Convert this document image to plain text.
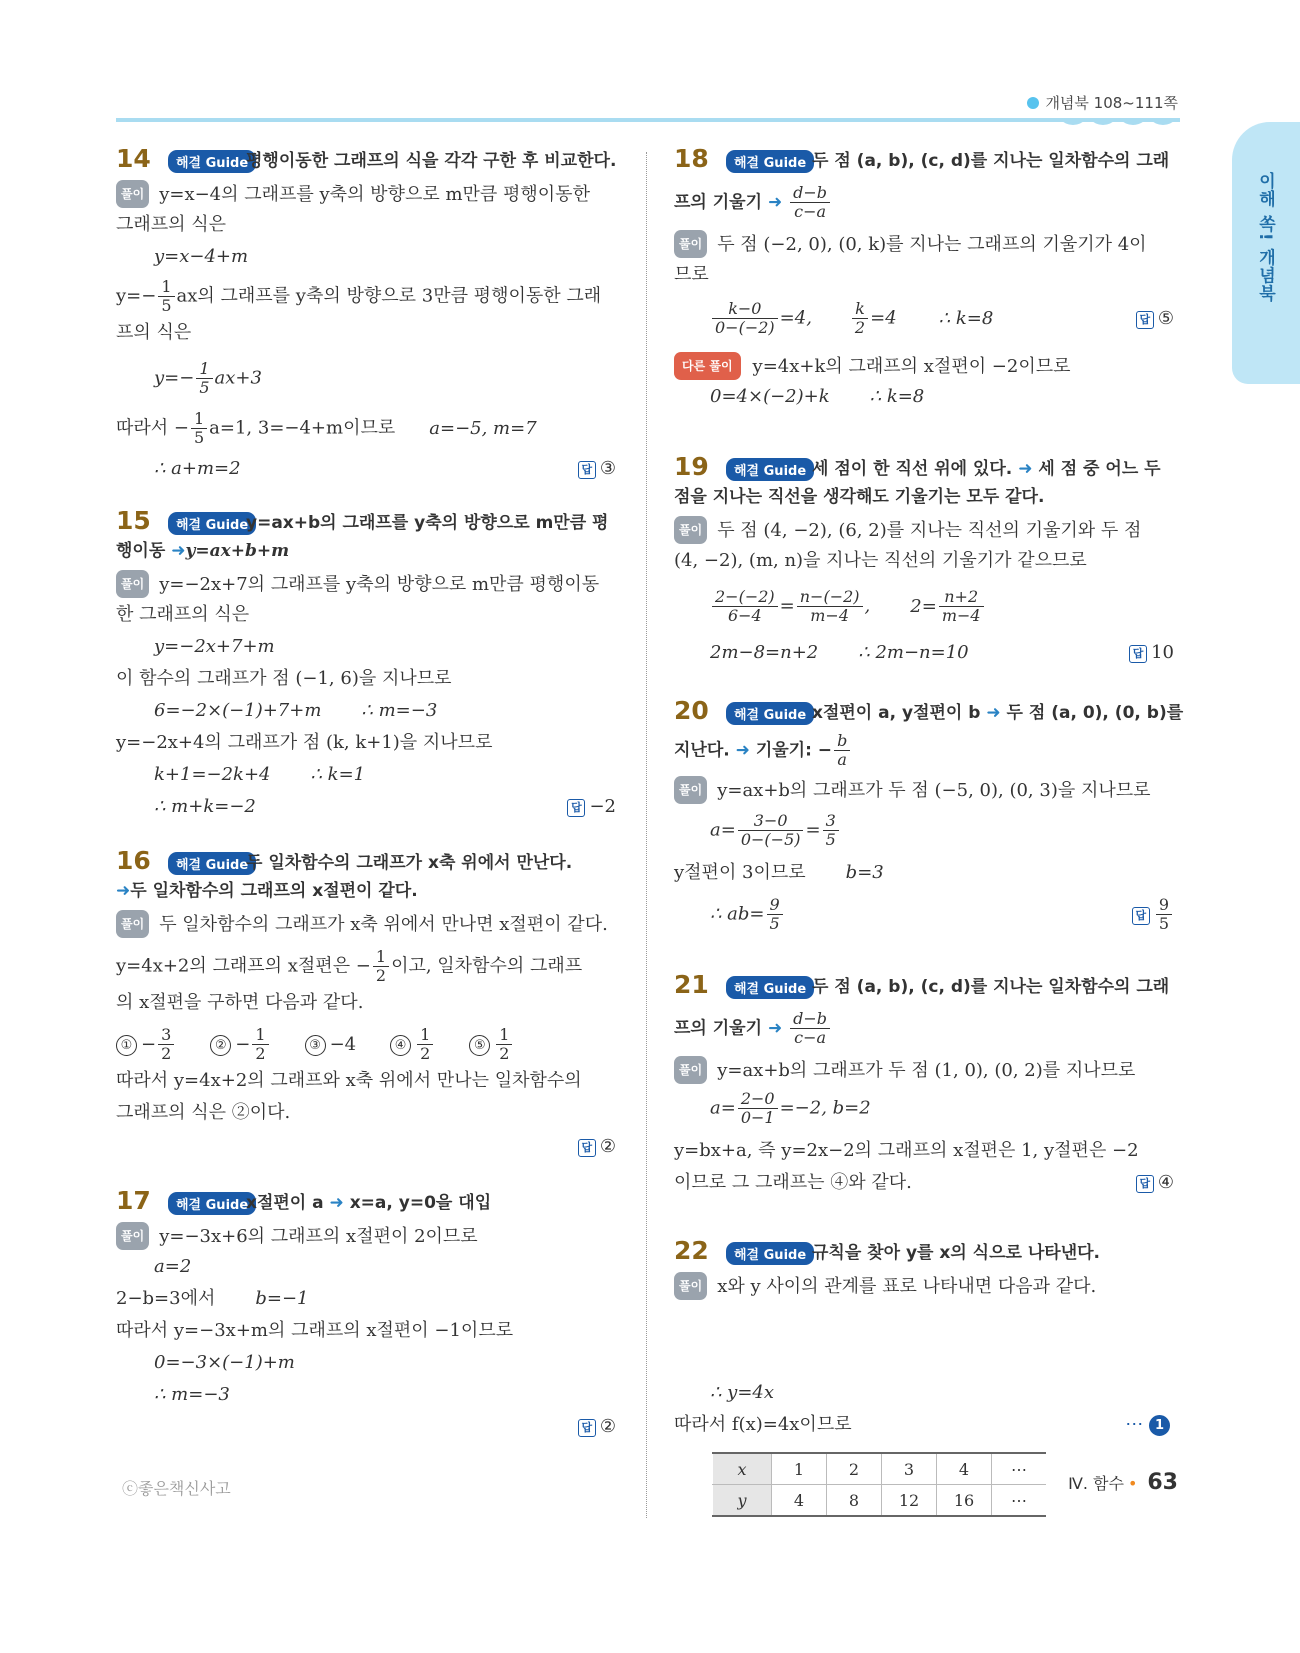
개념북 108~111쪽
이해 쏙! 개념북
14	해결 Guide
평행이동한 그래프의 식을 각각 구한 후 비교한다.
풀이 y=x−4의 그래프를 y축의 방향으로 m만큼 평행이동한
그래프의 식은
y=x−4+m
$y=- \frac{1}{5}$ ax의 그래프를 y축의 방향으로 3만큼 평행이동한 그래
프의 식은
$y=- \frac{1}{5} ax+3$
따라서 − $\frac{1}{5} a=1$, 3=−4+m이므로 a=−5, m=7
∴ a+m=2	답 ③
15	해결 Guide
y=ax+b의 그래프를 y축의 방향으로 m만큼 평
행이동 ➜y=ax+b+m
풀이 y=−2x+7의 그래프를 y축의 방향으로 m만큼 평행이동
한 그래프의 식은
y=−2x+7+m
이 함수의 그래프가 점 (−1, 6)을 지나므로
6=−2×(−1)+7+m ∴ m=−3
y=−2x+4의 그래프가 점 (k, k+1)을 지나므로
k+1=−2k+4 ∴ k=1
∴ m+k=−2	답 −2
16	해결 Guide
두 일차함수의 그래프가 x축 위에서 만난다.
➜두 일차함수의 그래프의 x절편이 같다.
풀이 두 일차함수의 그래프가 x축 위에서 만나면 x절편이 같다.
y=4x+2의 그래프의 x절편은 − $\frac{1}{2}$ 이고, 일차함수의 그래프
의 x절편을 구하면 다음과 같다.
① − $\frac{3}{2}$	② − $\frac{1}{2}$	③ −4	④ $\frac{1}{2}$	⑤ $\frac{1}{2}$
따라서 y=4x+2의 그래프와 x축 위에서 만나는 일차함수의
그래프의 식은 ②이다.
답 ②
17	해결 Guide
x절편이 a ➜ x=a, y=0을 대입
풀이 y=−3x+6의 그래프의 x절편이 2이므로
a=2
2−b=3에서 b=−1
따라서 y=−3x+m의 그래프의 x절편이 −1이므로
0=−3×(−1)+m
∴ m=−3
답 ②
18	해결 Guide 두 점 (a, b), (c, d)를 지나는 일차함수의 그래
프의 기울기 ➜ $\frac{d-b}{c-a}$
풀이 두 점 (−2, 0), (0, k)를 지나는 그래프의 기울기가 4이
므로
$\frac{k-0}{0-(-2)} =4$,	$\frac{k}{2} =4$ ∴ k=8	답 ⑤
다른 풀이 y=4x+k의 그래프의 x절편이 −2이므로
0=4×(−2)+k ∴ k=8
19	해결 Guide 세 점이 한 직선 위에 있다. ➜ 세 점 중 어느 두
점을 지나는 직선을 생각해도 기울기는 모두 같다.
풀이 두 점 (4, −2), (6, 2)를 지나는 직선의 기울기와 두 점
(4, −2), (m, n)을 지나는 직선의 기울기가 같으므로
$\frac{2-(-2)}{6-4} = \frac{n-(-2)}{m-4}$ , $2= \frac{n+2}{m-4}$
2m−8=n+2 ∴ 2m−n=10	답 10
20	해결 Guide x절편이 a, y절편이 b ➜ 두 점 (a, 0), (0, b)를
지난다. ➜ 기울기: − $\frac{b}{a}$
풀이 y=ax+b의 그래프가 두 점 (−5, 0), (0, 3)을 지나므로
$a= \frac{3-0}{0-(-5)} = \frac{3}{5}$
y절편이 3이므로 b=3
∴ $ab= \frac{9}{5}$	답 $\frac{9}{5}$
21	해결 Guide 두 점 (a, b), (c, d)를 지나는 일차함수의 그래
프의 기울기 ➜ $\frac{d-b}{c-a}$
풀이 y=ax+b의 그래프가 두 점 (1, 0), (0, 2)를 지나므로
$a= \frac{2-0}{0-1} =-2$, b=2
y=bx+a, 즉 y=2x−2의 그래프의 x절편은 1, y절편은 −2
이므로 그 그래프는 ④와 같다.	답 ④
22	해결 Guide 규칙을 찾아 y를 x의 식으로 나타낸다.
풀이 x와 y 사이의 관계를 표로 나타내면 다음과 같다.
∴ y=4x
따라서 f(x)=4x이므로	⋯ 1
x	1	2	3	4	⋯
y	4	8	12	16	⋯
ⓒ좋은책신사고	Ⅳ. 함수 • 63
